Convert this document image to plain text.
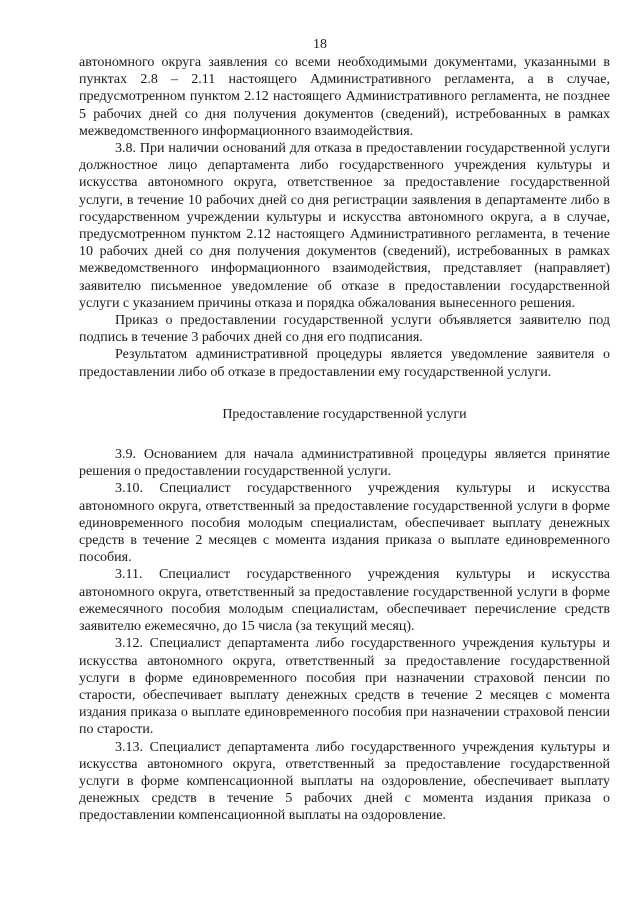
18

автономного округа заявления со всеми необходимыми документами, указанными в пунктах 2.8 – 2.11 настоящего Административного регламента, а в случае, предусмотренном пунктом 2.12 настоящего Административного регламента, не позднее 5 рабочих дней со дня получения документов (сведений), истребованных в рамках межведомственного информационного взаимодействия.

3.8. При наличии оснований для отказа в предоставлении государственной услуги должностное лицо департамента либо государственного учреждения культуры и искусства автономного округа, ответственное за предоставление государственной услуги, в течение 10 рабочих дней со дня регистрации заявления в департаменте либо в государственном учреждении культуры и искусства автономного округа, а в случае, предусмотренном пунктом 2.12 настоящего Административного регламента, в течение 10 рабочих дней со дня получения документов (сведений), истребованных в рамках межведомственного информационного взаимодействия, представляет (направляет) заявителю письменное уведомление об отказе в предоставлении государственной услуги с указанием причины отказа и порядка обжалования вынесенного решения.

Приказ о предоставлении государственной услуги объявляется заявителю под подпись в течение 3 рабочих дней со дня его подписания.

Результатом административной процедуры является уведомление заявителя о предоставлении либо об отказе в предоставлении ему государственной услуги.

Предоставление государственной услуги

3.9. Основанием для начала административной процедуры является принятие решения о предоставлении государственной услуги.

3.10. Специалист государственного учреждения культуры и искусства автономного округа, ответственный за предоставление государственной услуги в форме единовременного пособия молодым специалистам, обеспечивает выплату денежных средств в течение 2 месяцев с момента издания приказа о выплате единовременного пособия.

3.11. Специалист государственного учреждения культуры и искусства автономного округа, ответственный за предоставление государственной услуги в форме ежемесячного пособия молодым специалистам, обеспечивает перечисление средств заявителю ежемесячно, до 15 числа (за текущий месяц).

3.12. Специалист департамента либо государственного учреждения культуры и искусства автономного округа, ответственный за предоставление государственной услуги в форме единовременного пособия при назначении страховой пенсии по старости, обеспечивает выплату денежных средств в течение 2 месяцев с момента издания приказа о выплате единовременного пособия при назначении страховой пенсии по старости.

3.13. Специалист департамента либо государственного учреждения культуры и искусства автономного округа, ответственный за предоставление государственной услуги в форме компенсационной выплаты на оздоровление, обеспечивает выплату денежных средств в течение 5 рабочих дней с момента издания приказа о предоставлении компенсационной выплаты на оздоровление.
